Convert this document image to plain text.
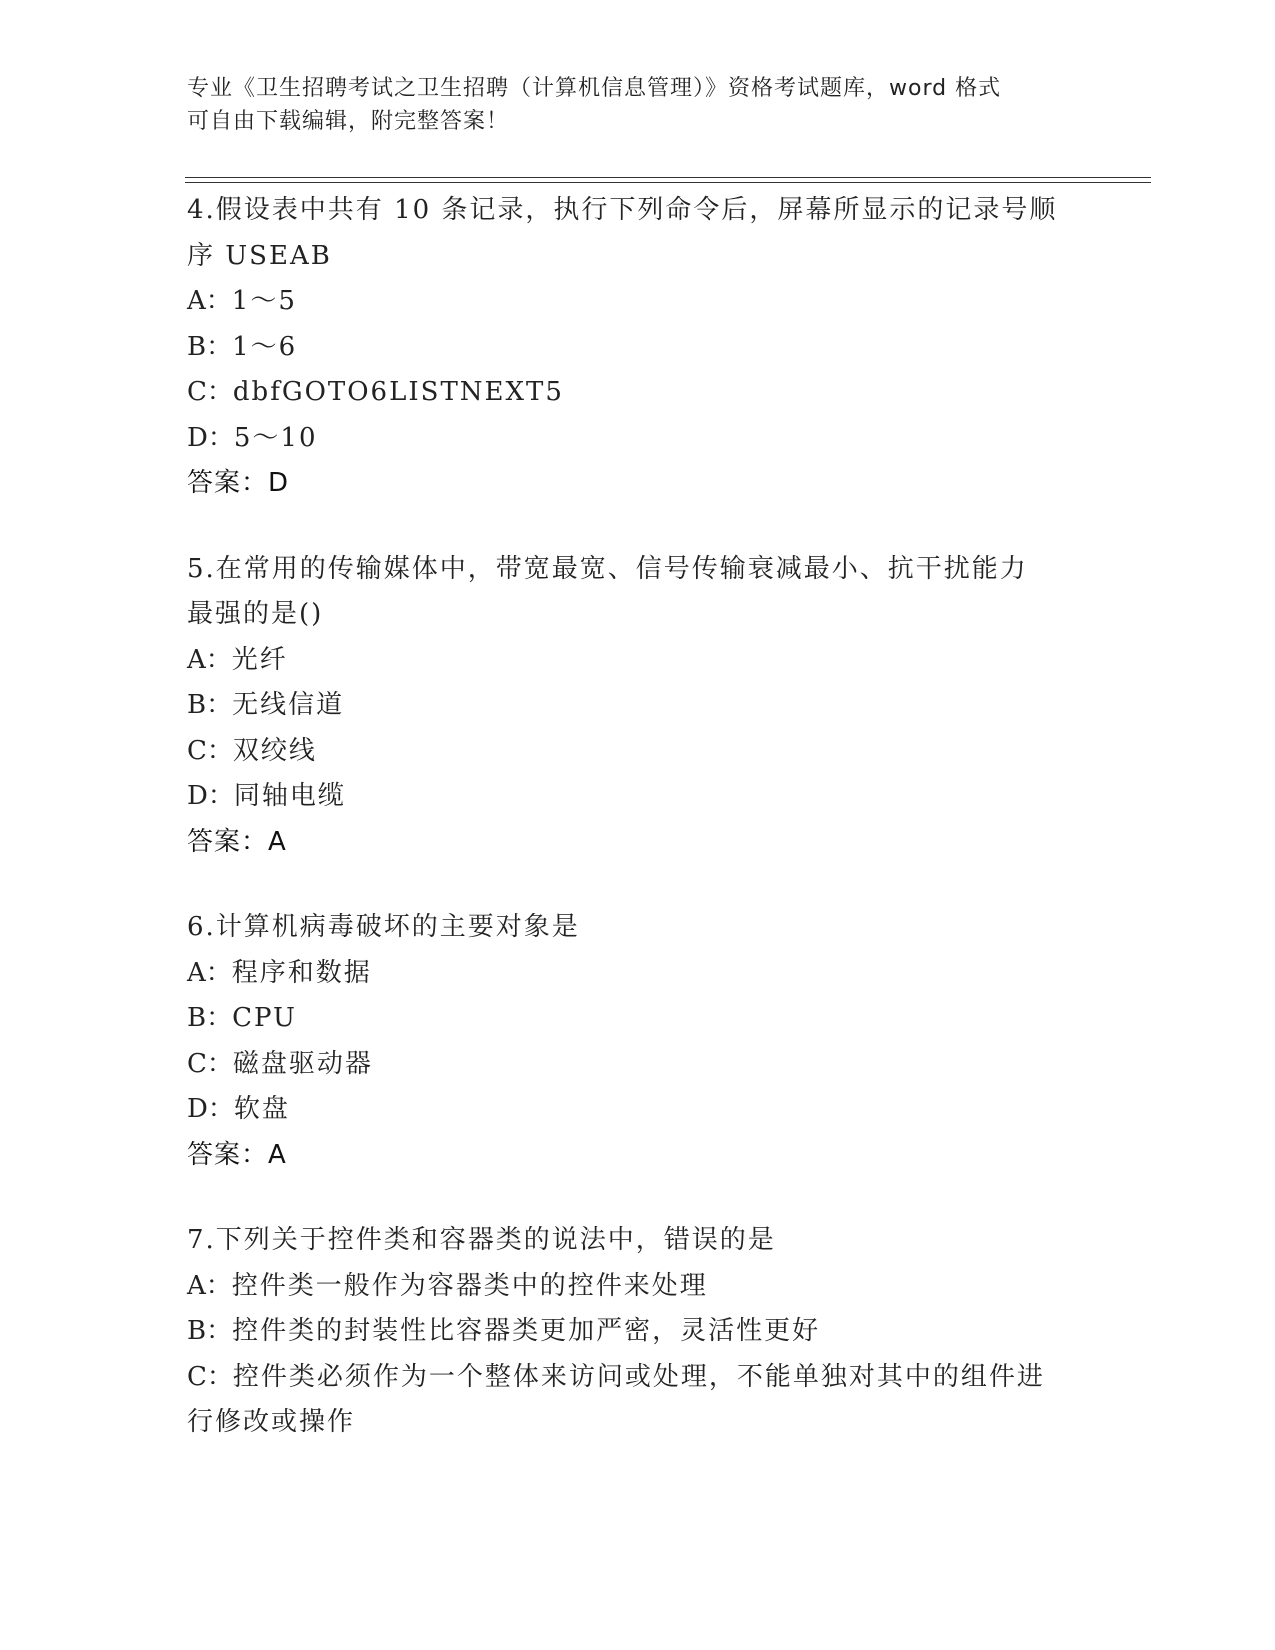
专业《卫生招聘考试之卫生招聘（计算机信息管理）》资格考试题库，word 格式
可自由下载编辑，附完整答案！
4.假设表中共有 10 条记录，执行下列命令后，屏幕所显示的记录号顺
序 USEAB
A：1～5
B：1～6
C：dbfGOTO6LISTNEXT5
D：5～10
答案：D
5.在常用的传输媒体中，带宽最宽、信号传输衰减最小、抗干扰能力
最强的是()
A：光纤
B：无线信道
C：双绞线
D：同轴电缆
答案：A
6.计算机病毒破坏的主要对象是
A：程序和数据
B：CPU
C：磁盘驱动器
D：软盘
答案：A
7.下列关于控件类和容器类的说法中，错误的是
A：控件类一般作为容器类中的控件来处理
B：控件类的封装性比容器类更加严密，灵活性更好
C：控件类必须作为一个整体来访问或处理，不能单独对其中的组件进
行修改或操作
